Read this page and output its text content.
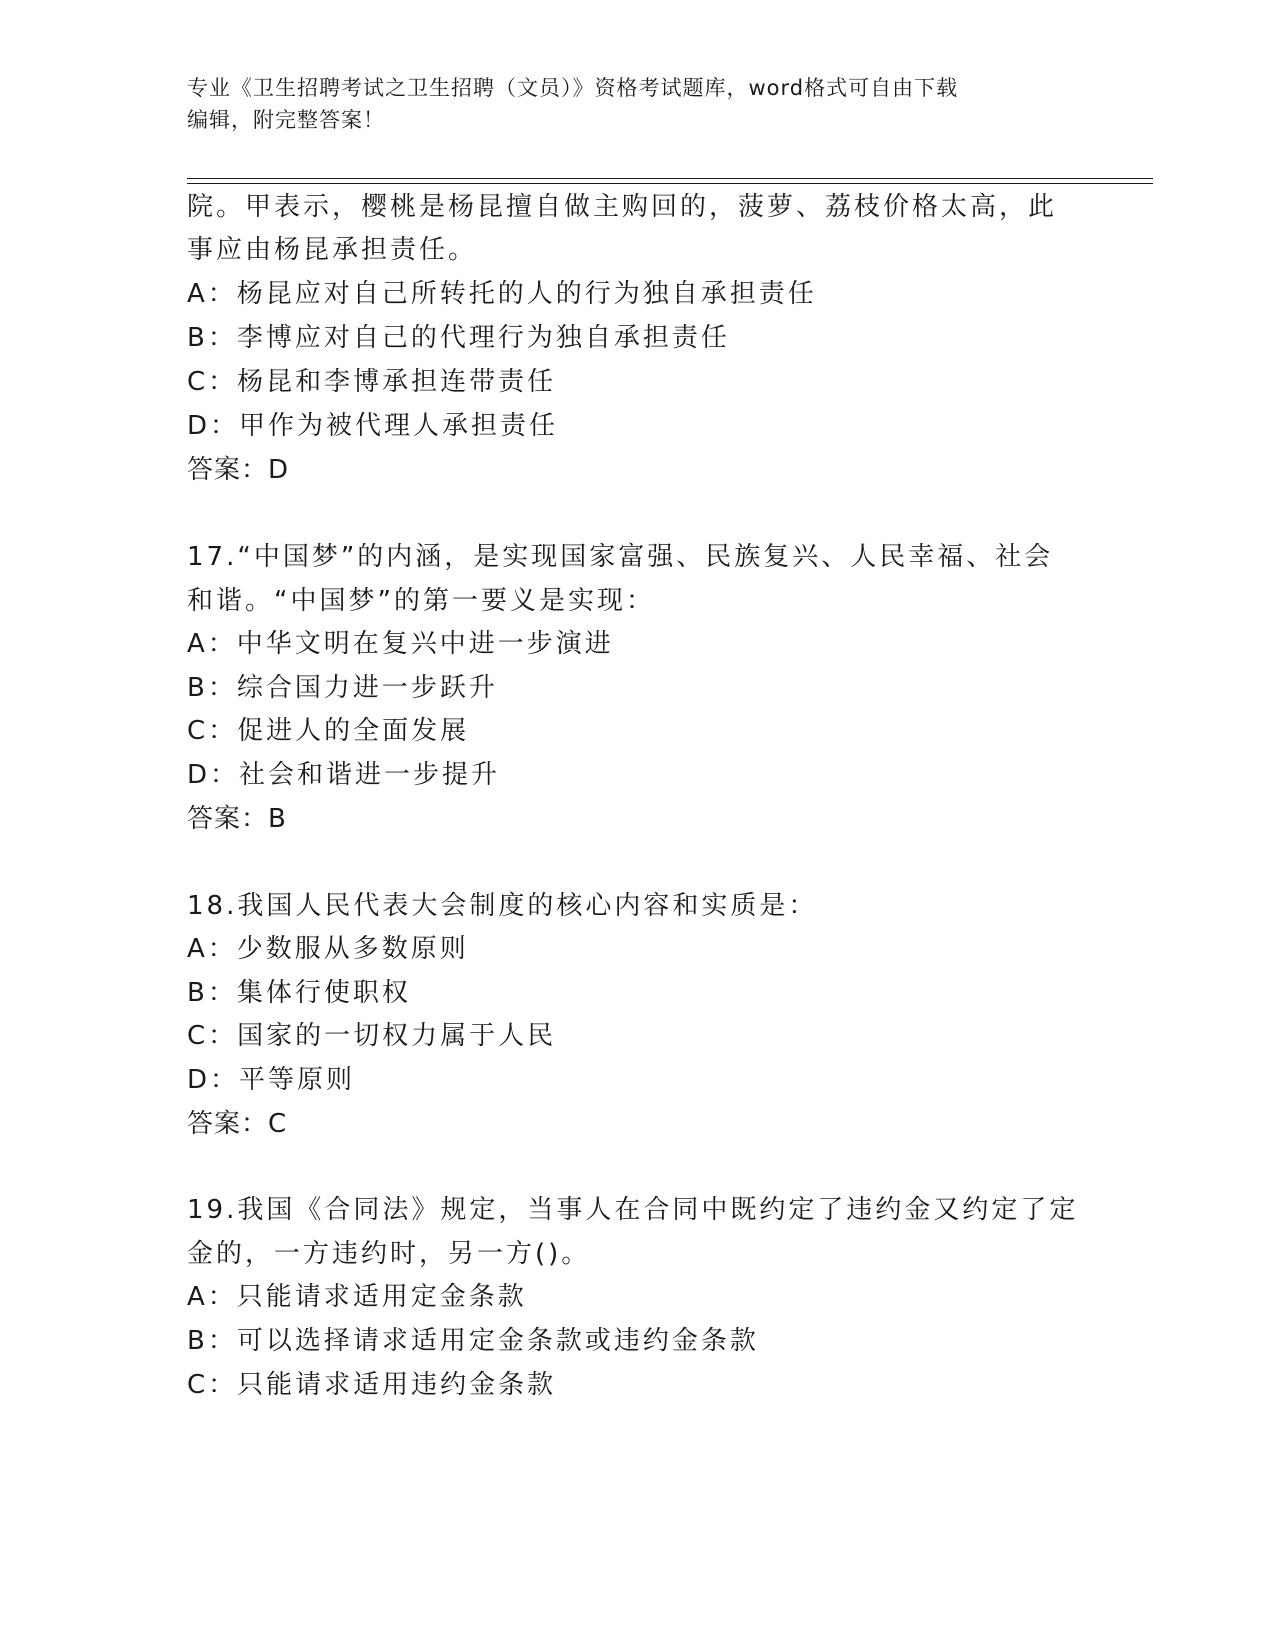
专业《卫生招聘考试之卫生招聘（文员）》资格考试题库，word格式可自由下载
编辑，附完整答案！
院。甲表示，樱桃是杨昆擅自做主购回的，菠萝、荔枝价格太高，此
事应由杨昆承担责任。
A：杨昆应对自己所转托的人的行为独自承担责任
B：李博应对自己的代理行为独自承担责任
C：杨昆和李博承担连带责任
D：甲作为被代理人承担责任
答案：D
17.“中国梦”的内涵，是实现国家富强、民族复兴、人民幸福、社会
和谐。“中国梦”的第一要义是实现：
A：中华文明在复兴中进一步演进
B：综合国力进一步跃升
C：促进人的全面发展
D：社会和谐进一步提升
答案：B
18.我国人民代表大会制度的核心内容和实质是：
A：少数服从多数原则
B：集体行使职权
C：国家的一切权力属于人民
D：平等原则
答案：C
19.我国《合同法》规定，当事人在合同中既约定了违约金又约定了定
金的，一方违约时，另一方()。
A：只能请求适用定金条款
B：可以选择请求适用定金条款或违约金条款
C：只能请求适用违约金条款
